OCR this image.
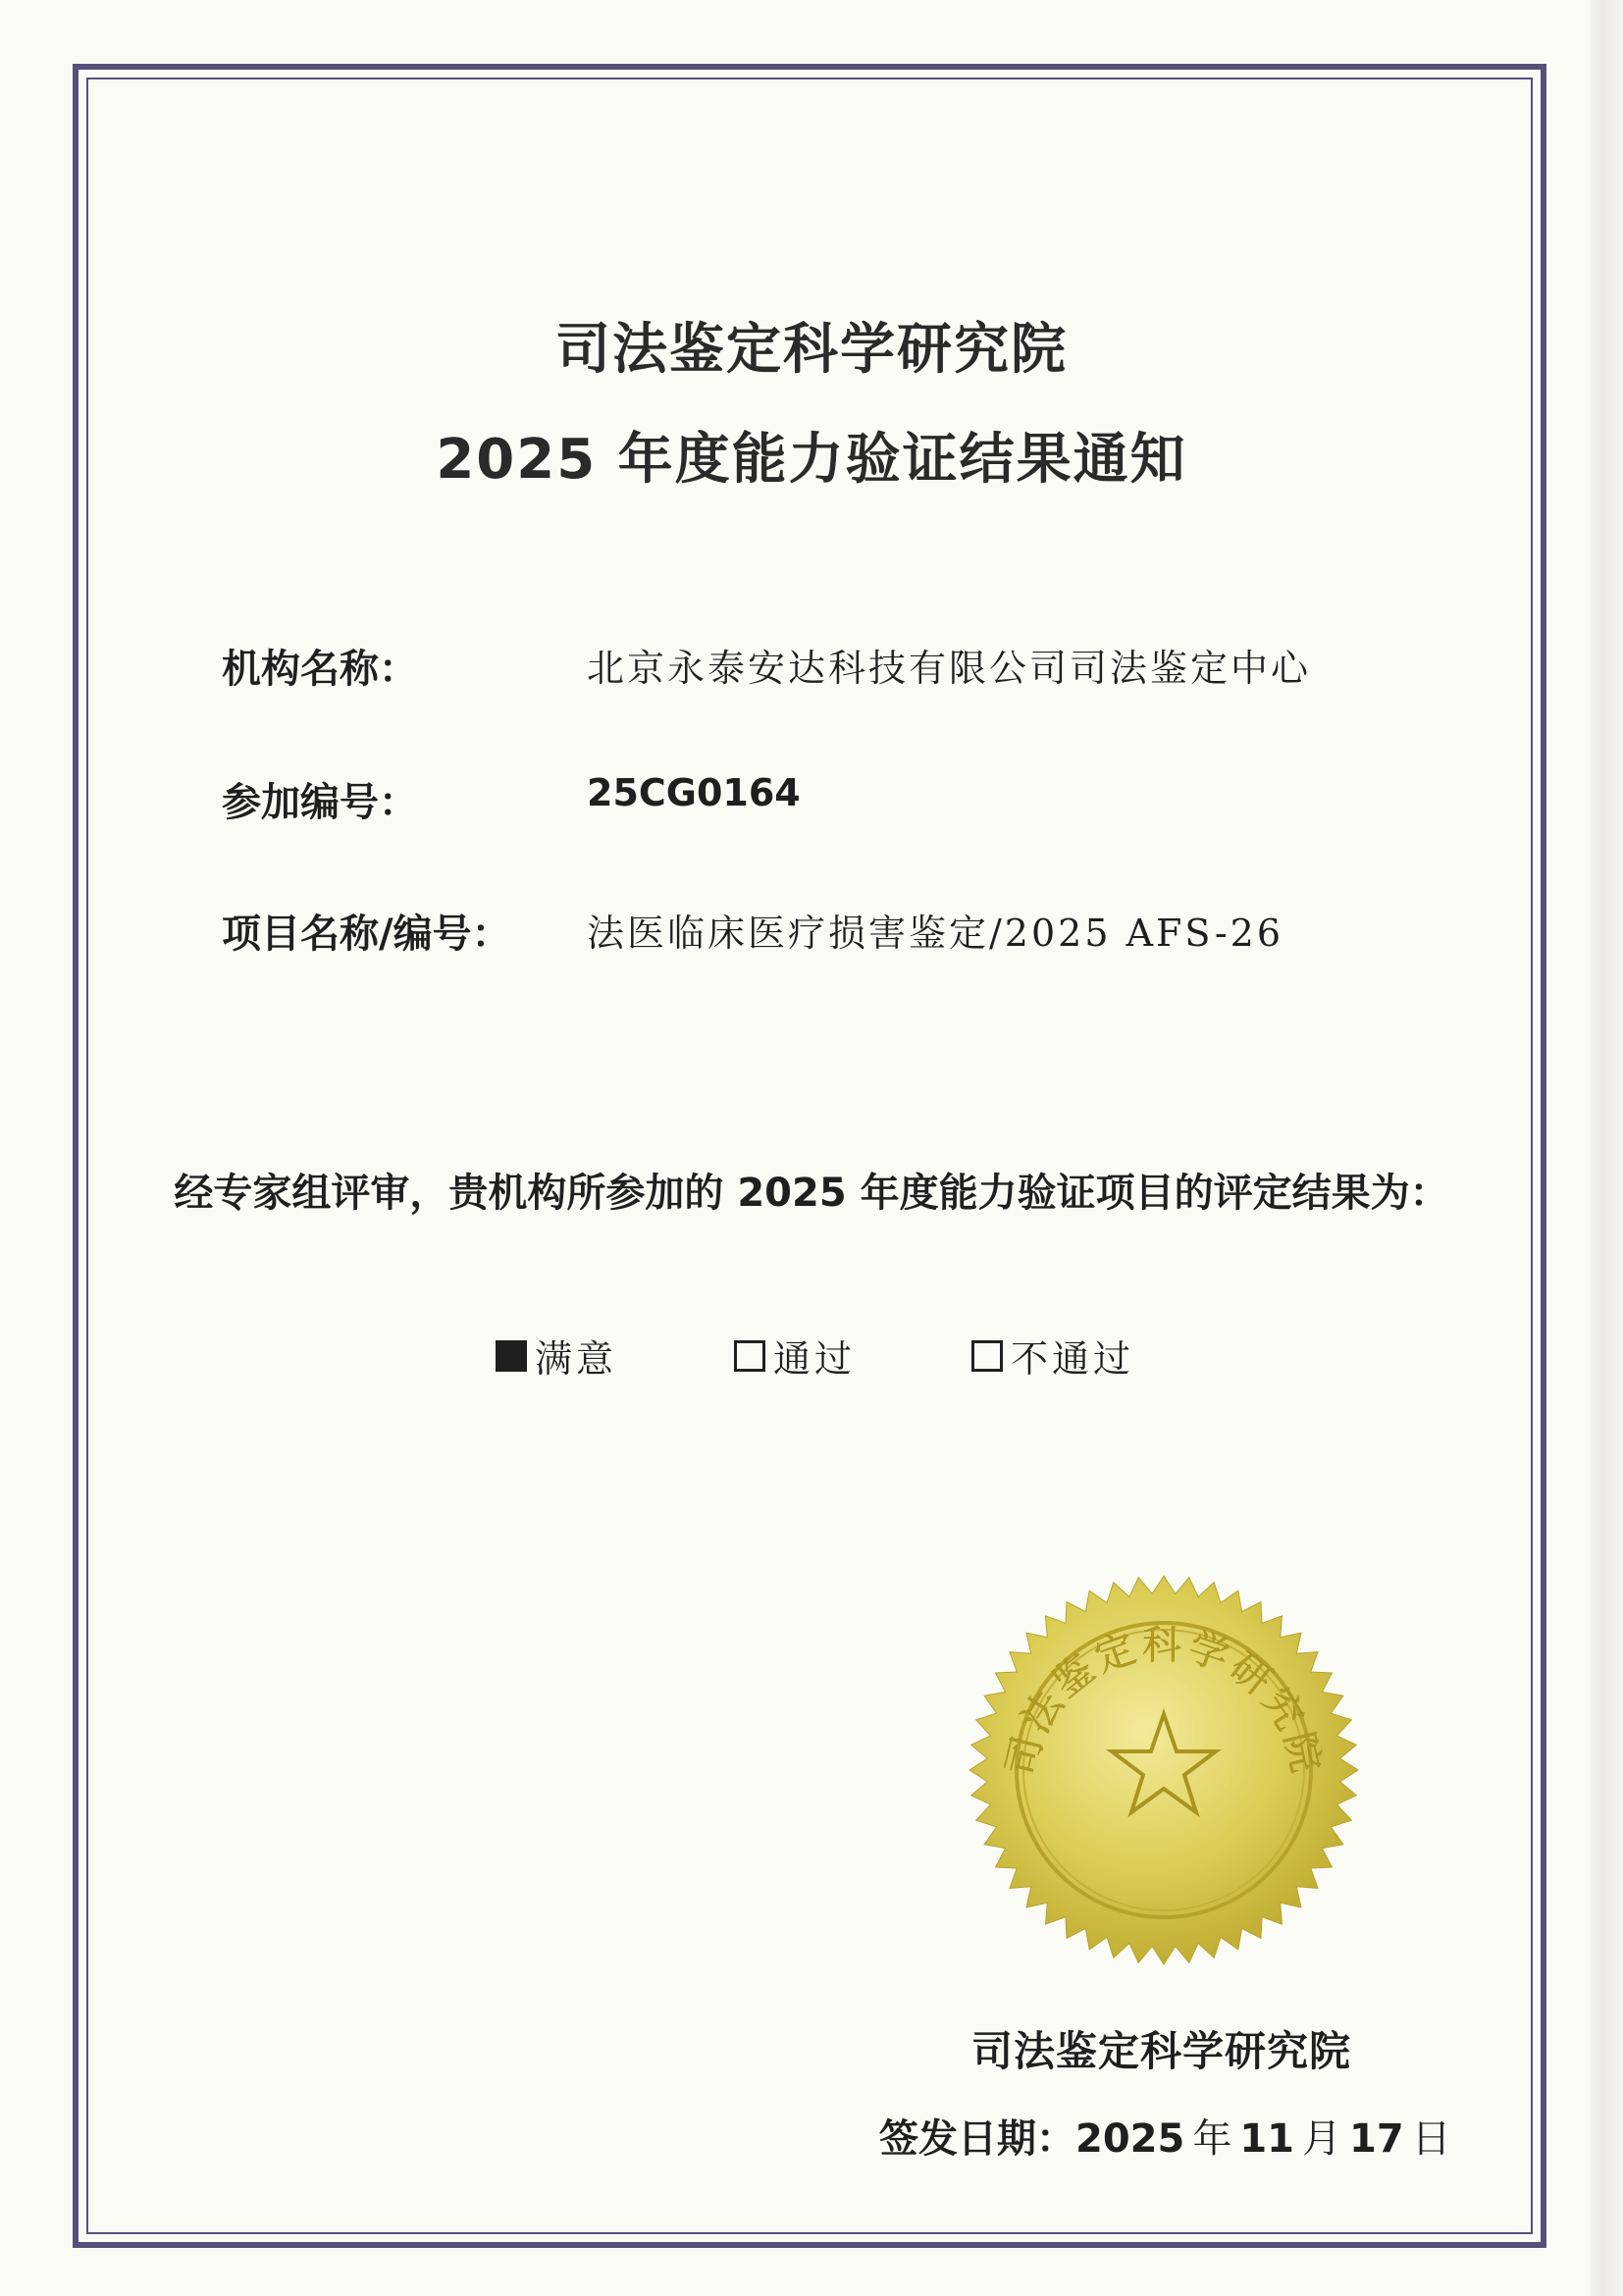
司法鉴定科学研究院
2025 年度能力验证结果通知
机构名称：	北京永泰安达科技有限公司司法鉴定中心
参加编号：	25CG0164
项目名称/编号： 法医临床医疗损害鉴定/2025 AFS-26
经专家组评审，贵机构所参加的 2025 年度能力验证项目的评定结果为：
满意	通过	不通过
司法鉴定科学研究院
司法鉴定科学研究院
签发日期：2025 年 11 月 17 日
